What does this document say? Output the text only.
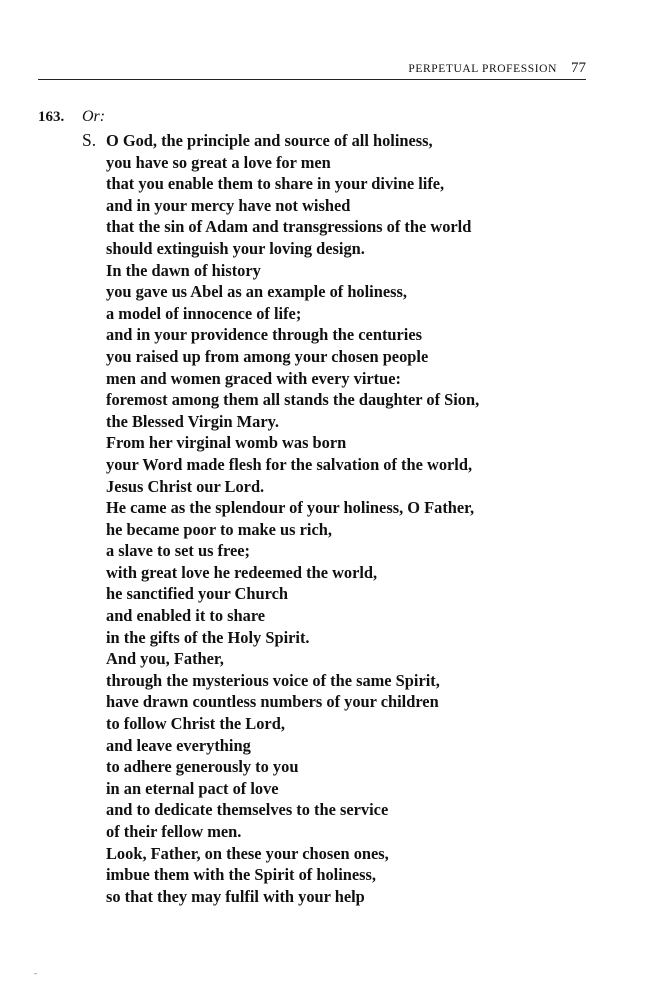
PERPETUAL PROFESSION 77
163.	Or:
S. O God, the principle and source of all holiness,
you have so great a love for men
that you enable them to share in your divine life,
and in your mercy have not wished
that the sin of Adam and transgressions of the world
should extinguish your loving design.
In the dawn of history
you gave us Abel as an example of holiness,
a model of innocence of life;
and in your providence through the centuries
you raised up from among your chosen people
men and women graced with every virtue:
foremost among them all stands the daughter of Sion,
the Blessed Virgin Mary.
From her virginal womb was born
your Word made flesh for the salvation of the world,
Jesus Christ our Lord.
He came as the splendour of your holiness, O Father,
he became poor to make us rich,
a slave to set us free;
with great love he redeemed the world,
he sanctified your Church
and enabled it to share
in the gifts of the Holy Spirit.
And you, Father,
through the mysterious voice of the same Spirit,
have drawn countless numbers of your children
to follow Christ the Lord,
and leave everything
to adhere generously to you
in an eternal pact of love
and to dedicate themselves to the service
of their fellow men.
Look, Father, on these your chosen ones,
imbue them with the Spirit of holiness,
so that they may fulfil with your help
-
